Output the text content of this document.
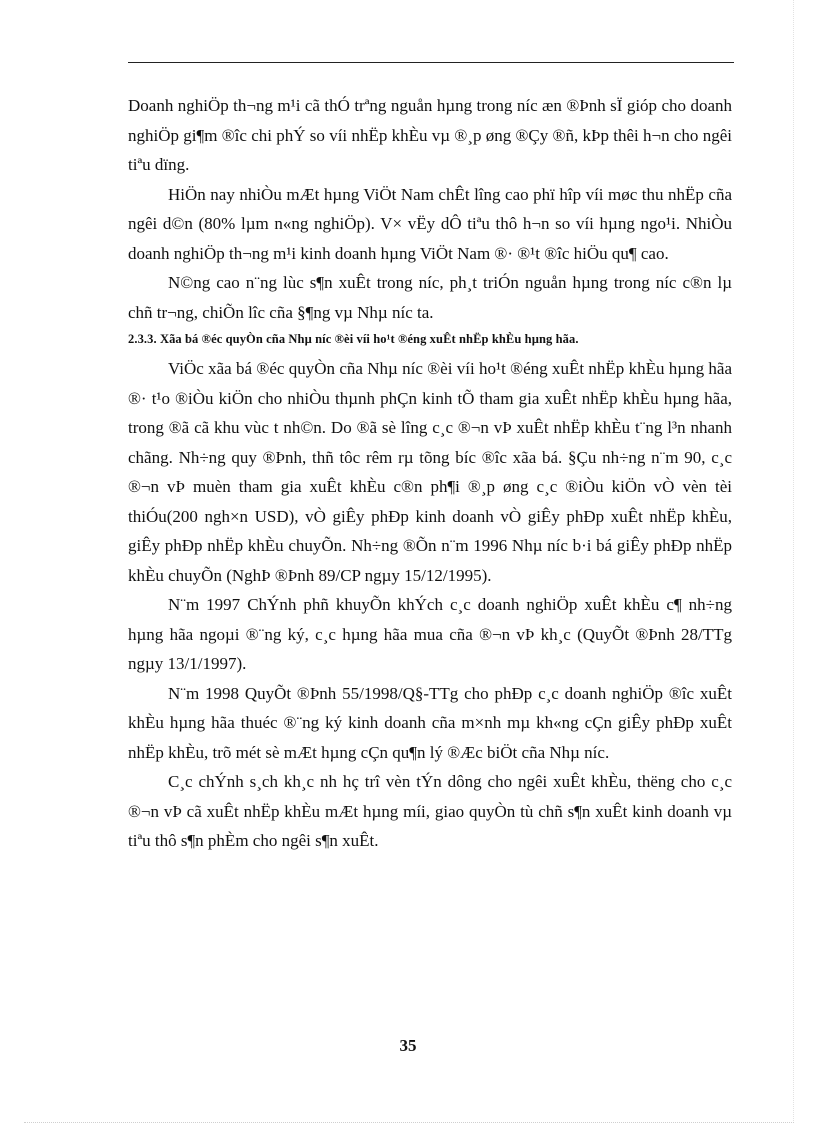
Doanh nghiÖp th¬ng m¹i cã thÓ trªng nguån hµng trong níc æn ®Þnh sÏ gióp cho doanh nghiÖp gi¶m ®îc chi phÝ so víi nhËp khÈu vµ ®¸p øng ®Çy ®ñ, kÞp thêi h¬n cho ngêi tiªu dïng.

HiÖn nay nhiÒu mÆt hµng ViÖt Nam chÊt lîng cao phï hîp víi møc thu nhËp cña ngêi d©n (80% lµm n«ng nghiÖp). V× vËy dÔ tiªu thô h¬n so víi hµng ngo¹i. NhiÒu doanh nghiÖp th¬ng m¹i kinh doanh hµng ViÖt Nam ®· ®¹t ®îc hiÖu qu¶ cao.

N©ng cao n¨ng lùc s¶n xuÊt trong níc, ph¸t triÓn nguån hµng trong níc c®n lµ chñ tr¬ng, chiÕn lîc cña §¶ng vµ Nhµ níc ta.

2.3.3. Xãa bá ®éc quyÒn cña Nhµ níc ®èi víi ho¹t ®éng xuÊt nhËp khÈu hµng hãa.

ViÖc xãa bá ®éc quyÒn cña Nhµ níc ®èi víi ho¹t ®éng xuÊt nhËp khÈu hµng hãa ®· t¹o ®iÒu kiÖn cho nhiÒu thµnh phÇn kinh tÕ tham gia xuÊt nhËp khÈu hµng hãa, trong ®ã cã khu vùc t nh©n. Do ®ã sè lîng c¸c ®¬n vÞ xuÊt nhËp khÈu t¨ng l³n nhanh chãng. Nh÷ng quy ®Þnh, thñ tôc rêm rµ tõng bíc ®îc xãa bá. §Çu nh÷ng n¨m 90, c¸c ®¬n vÞ muèn tham gia xuÊt khÈu c®n ph¶i ®¸p øng c¸c ®iÒu kiÖn vÒ vèn tèi thiÓu(200 ngh×n USD), vÒ giÊy phÐp kinh doanh vÒ giÊy phÐp xuÊt nhËp khÈu, giÊy phÐp nhËp khÈu chuyÕn. Nh÷ng ®Õn n¨m 1996 Nhµ níc b·i bá giÊy phÐp nhËp khÈu chuyÕn (NghÞ ®Þnh 89/CP ngµy 15/12/1995).

N¨m 1997 ChÝnh phñ khuyÕn khÝch c¸c doanh nghiÖp xuÊt khÈu c¶ nh÷ng hµng hãa ngoµi ®¨ng ký, c¸c hµng hãa mua cña ®¬n vÞ kh¸c (QuyÕt ®Þnh 28/TTg ngµy 13/1/1997).

N¨m 1998 QuyÕt ®Þnh 55/1998/Q§-TTg cho phÐp c¸c doanh nghiÖp ®îc xuÊt khÈu hµng hãa thuéc ®¨ng ký kinh doanh cña m×nh mµ kh«ng cÇn giÊy phÐp xuÊt nhËp khÈu, trõ mét sè mÆt hµng cÇn qu¶n lý ®Æc biÖt cña Nhµ níc.

C¸c chÝnh s¸ch kh¸c nh hç trî vèn tÝn dông cho ngêi xuÊt khÈu, thëng cho c¸c ®¬n vÞ cã xuÊt nhËp khÈu mÆt hµng míi, giao quyÒn tù chñ s¶n xuÊt kinh doanh vµ tiªu thô s¶n phÈm cho ngêi s¶n xuÊt.

35
